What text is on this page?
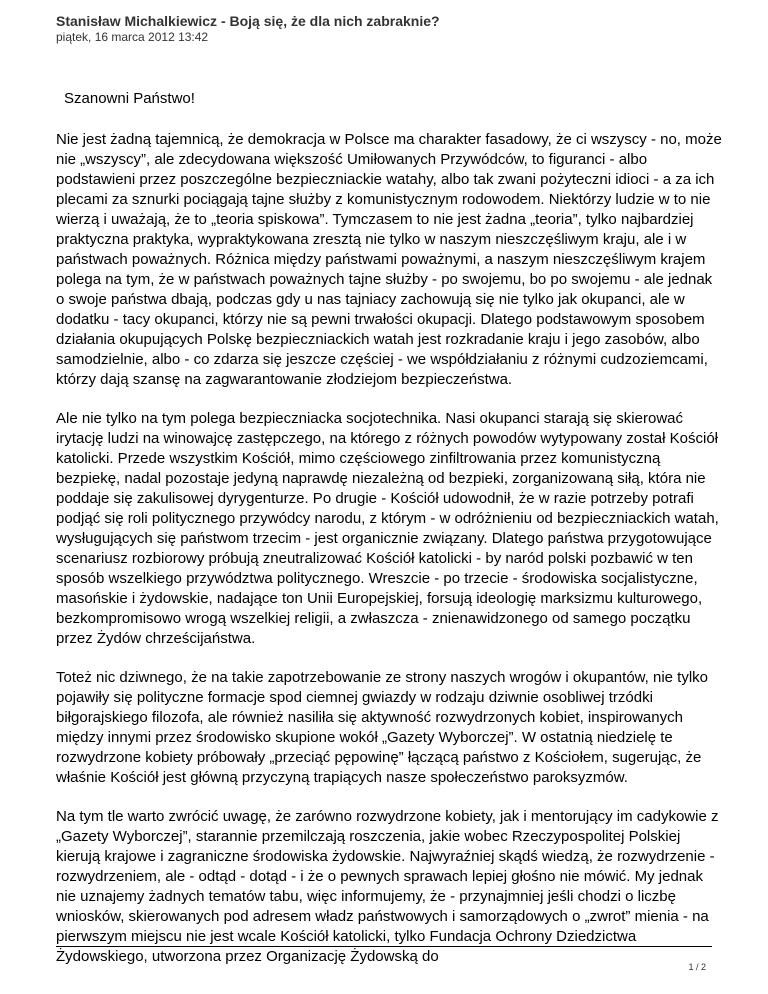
Stanisław Michalkiewicz - Boją się, że dla nich zabraknie?
piątek, 16 marca 2012 13:42

Szanowni Państwo!

Nie jest żadną tajemnicą, że demokracja w Polsce ma charakter fasadowy, że ci wszyscy - no, może nie „wszyscy”, ale zdecydowana większość Umiłowanych Przywódców, to figuranci - albo podstawieni przez poszczególne bezpieczniackie watahy, albo tak zwani pożyteczni idioci - a za ich plecami za sznurki pociągają tajne służby z komunistycznym rodowodem. Niektórzy ludzie w to nie wierzą i uważają, że to „teoria spiskowa”. Tymczasem to nie jest żadna „teoria”, tylko najbardziej praktyczna praktyka, wypraktykowana zresztą nie tylko w naszym nieszczęśliwym kraju, ale i w państwach poważnych. Różnica między państwami poważnymi, a naszym nieszczęśliwym krajem polega na tym, że w państwach poważnych tajne służby - po swojemu, bo po swojemu - ale jednak o swoje państwa dbają, podczas gdy u nas tajniacy zachowują się nie tylko jak okupanci, ale w dodatku - tacy okupanci, którzy nie są pewni trwałości okupacji. Dlatego podstawowym sposobem działania okupujących Polskę bezpieczniackich watah jest rozkradanie kraju i jego zasobów, albo samodzielnie, albo - co zdarza się jeszcze częściej - we współdziałaniu z różnymi cudzoziemcami, którzy dają szansę na zagwarantowanie złodziejom bezpieczeństwa.

Ale nie tylko na tym polega bezpieczniacka socjotechnika. Nasi okupanci starają się skierować irytację ludzi na winowajcę zastępczego, na którego z różnych powodów wytypowany został Kościół katolicki. Przede wszystkim Kościół, mimo częściowego zinfiltrowania przez komunistyczną bezpiekę, nadal pozostaje jedyną naprawdę niezależną od bezpieki, zorganizowaną siłą, która nie poddaje się zakulisowej dyrygenturze. Po drugie - Kościół udowodnił, że w razie potrzeby potrafi podjąć się roli politycznego przywódcy narodu, z którym - w odróżnieniu od bezpieczniackich watah, wysługujących się państwom trzecim - jest organicznie związany. Dlatego państwa przygotowujące scenariusz rozbiorowy próbują zneutralizować Kościół katolicki - by naród polski pozbawić w ten sposób wszelkiego przywództwa politycznego. Wreszcie - po trzecie - środowiska socjalistyczne, masońskie i żydowskie, nadające ton Unii Europejskiej, forsują ideologię marksizmu kulturowego, bezkompromisowo wrogą wszelkiej religii, a zwłaszcza - znienawidzonego od samego początku przez Żydów chrześcijaństwa.

Toteż nic dziwnego, że na takie zapotrzebowanie ze strony naszych wrogów i okupantów, nie tylko pojawiły się polityczne formacje spod ciemnej gwiazdy w rodzaju dziwnie osobliwej trzódki biłgorajskiego filozofa, ale również nasiliła się aktywność rozwydrzonych kobiet, inspirowanych między innymi przez środowisko skupione wokół „Gazety Wyborczej”. W ostatnią niedzielę te rozwydrzone kobiety próbowały „przeciąć pępowinę” łączącą państwo z Kościołem, sugerując, że właśnie Kościół jest główną przyczyną trapiących nasze społeczeństwo paroksyzmów.

Na tym tle warto zwrócić uwagę, że zarówno rozwydrzone kobiety, jak i mentorujący im cadykowie z „Gazety Wyborczej”, starannie przemilczają roszczenia, jakie wobec Rzeczypospolitej Polskiej kierują krajowe i zagraniczne środowiska żydowskie. Najwyraźniej skądś wiedzą, że rozwydrzenie - rozwydrzeniem, ale - odtąd - dotąd - i że o pewnych sprawach lepiej głośno nie mówić. My jednak nie uznajemy żadnych tematów tabu, więc informujemy, że - przynajmniej jeśli chodzi o liczbę wniosków, skierowanych pod adresem władz państwowych i samorządowych o „zwrot” mienia - na pierwszym miejscu nie jest wcale Kościół katolicki, tylko Fundacja Ochrony Dziedzictwa Żydowskiego, utworzona przez Organizację Żydowską do

1 / 2
